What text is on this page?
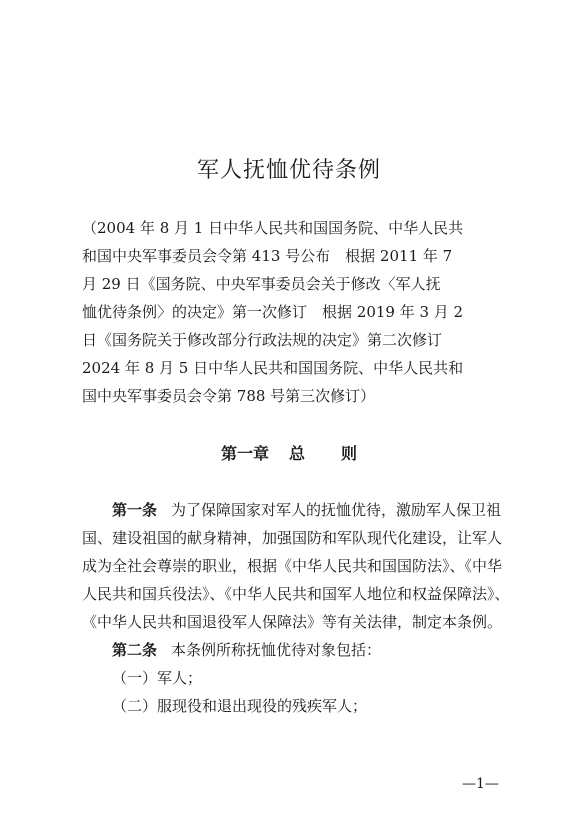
军人抚恤优待条例
（2004 年 8 月 1 日中华人民共和国国务院、中华人民共
和国中央军事委员会令第 413 号公布　根据 2011 年 7
月 29 日《国务院、中央军事委员会关于修改〈军人抚
恤优待条例〉的决定》第一次修订　根据 2019 年 3 月 2
日《国务院关于修改部分行政法规的决定》第二次修订
2024 年 8 月 5 日中华人民共和国国务院、中华人民共和
国中央军事委员会令第 788 号第三次修订）
第一章 总 则
第一条 为了保障国家对军人的抚恤优待，激励军人保卫祖
国、建设祖国的献身精神，加强国防和军队现代化建设，让军人
成为全社会尊崇的职业，根据《中华人民共和国国防法》、《中华
人民共和国兵役法》、《中华人民共和国军人地位和权益保障法》、
《中华人民共和国退役军人保障法》等有关法律，制定本条例。
第二条 本条例所称抚恤优待对象包括：
（一）军人；
（二）服现役和退出现役的残疾军人；
—1—
